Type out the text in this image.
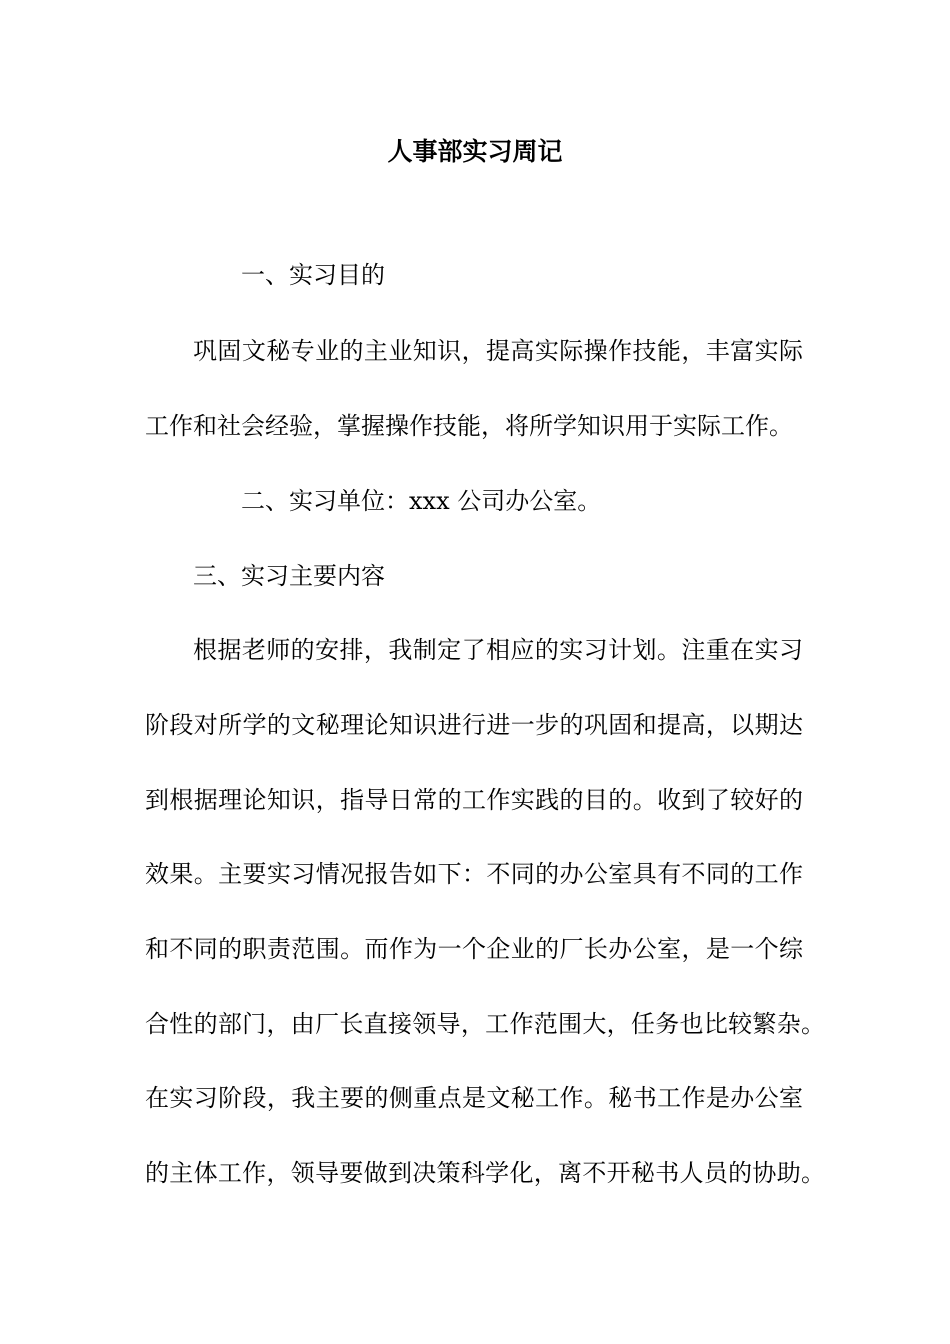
人事部实习周记

一、实习目的

巩固文秘专业的主业知识，提高实际操作技能，丰富实际

工作和社会经验，掌握操作技能，将所学知识用于实际工作。

二、实习单位：xxx 公司办公室。

三、实习主要内容

根据老师的安排，我制定了相应的实习计划。注重在实习

阶段对所学的文秘理论知识进行进一步的巩固和提高，以期达

到根据理论知识，指导日常的工作实践的目的。收到了较好的

效果。主要实习情况报告如下：不同的办公室具有不同的工作

和不同的职责范围。而作为一个企业的厂长办公室，是一个综

合性的部门，由厂长直接领导，工作范围大，任务也比较繁杂。

在实习阶段，我主要的侧重点是文秘工作。秘书工作是办公室

的主体工作，领导要做到决策科学化，离不开秘书人员的协助。
